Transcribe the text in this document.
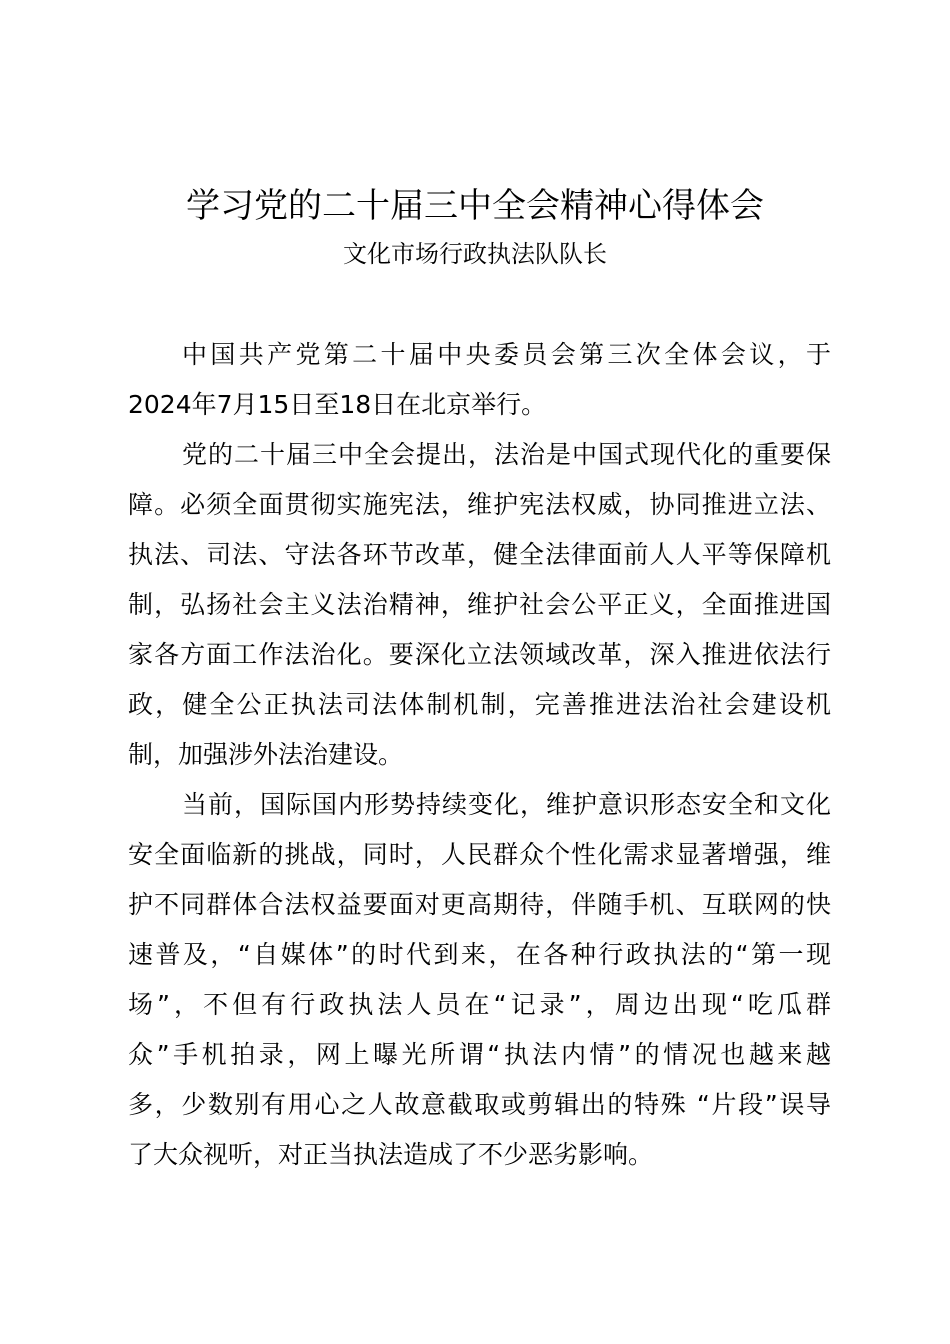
学习党的二十届三中全会精神心得体会
文化市场行政执法队队长
中国共产党第二十届中央委员会第三次全体会议，于
2024年7月15日至18日在北京举行。
党的二十届三中全会提出，法治是中国式现代化的重要保
障。必须全面贯彻实施宪法，维护宪法权威，协同推进立法、
执法、司法、守法各环节改革，健全法律面前人人平等保障机
制，弘扬社会主义法治精神，维护社会公平正义，全面推进国
家各方面工作法治化。要深化立法领域改革，深入推进依法行
政，健全公正执法司法体制机制，完善推进法治社会建设机
制，加强涉外法治建设。
当前，国际国内形势持续变化，维护意识形态安全和文化
安全面临新的挑战，同时，人民群众个性化需求显著增强，维
护不同群体合法权益要面对更高期待，伴随手机、互联网的快
速普及，“自媒体”的时代到来，在各种行政执法的“第一现
场”，不但有行政执法人员在“记录”，周边出现“吃瓜群
众”手机拍录，网上曝光所谓“执法内情”的情况也越来越
多，少数别有用心之人故意截取或剪辑出的特殊 “片段”误导
了大众视听，对正当执法造成了不少恶劣影响。
